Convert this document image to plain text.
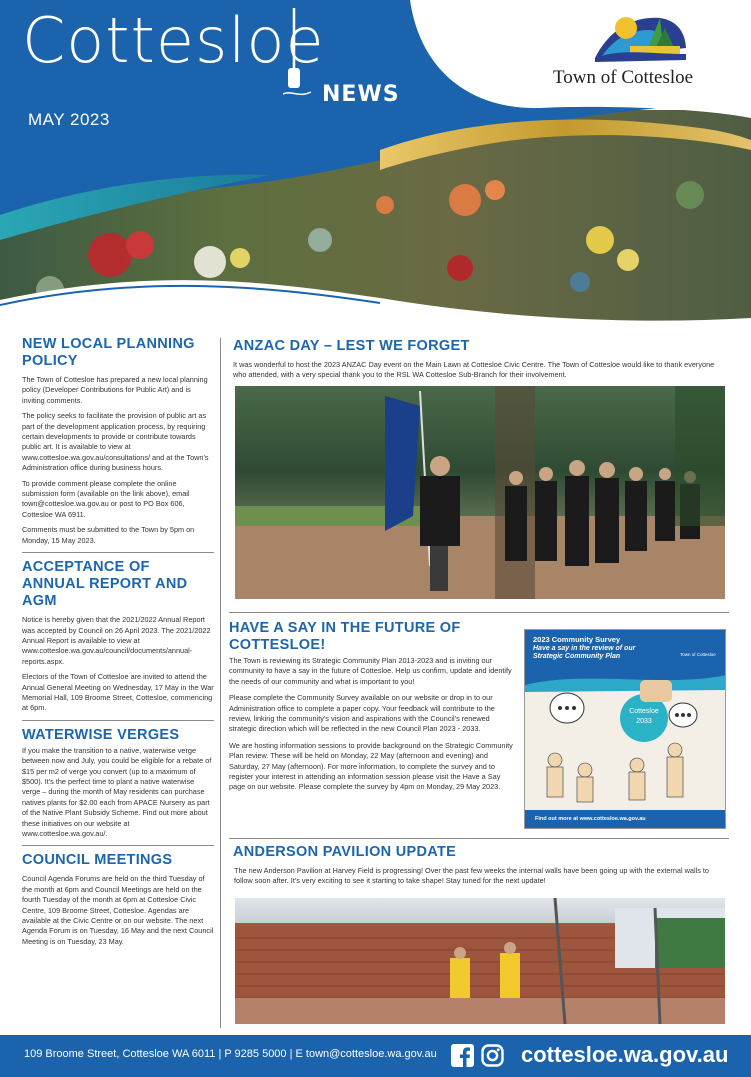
Cottesloe
NEWS
MAY 2023
Town of Cottesloe
NEW LOCAL PLANNING POLICY

The Town of Cottesloe has prepared a new local planning policy (Developer Contributions for Public Art) and is inviting comments.

The policy seeks to facilitate the provision of public art as part of the development application process, by requiring certain developments to provide or contribute towards public art. It is available to view at www.cottesloe.wa.gov.au/consultations/ and at the Town's Administration office during business hours.

To provide comment please complete the online submission form (available on the link above), email town@cottesloe.wa.gov.au or post to PO Box 606, Cottesloe WA 6911.

Comments must be submitted to the Town by 5pm on Monday, 15 May 2023.

ACCEPTANCE OF ANNUAL REPORT AND AGM

Notice is hereby given that the 2021/2022 Annual Report was accepted by Council on 26 April 2023. The 2021/2022 Annual Report is available to view at www.cottesloe.wa.gov.au/council/documents/annual-reports.aspx.

Electors of the Town of Cottesloe are invited to attend the Annual General Meeting on Wednesday, 17 May in the War Memorial Hall, 109 Broome Street, Cottesloe, commencing at 6pm.

WATERWISE VERGES

If you make the transition to a native, waterwise verge between now and July, you could be eligible for a rebate of $15 per m2 of verge you convert (up to a maximum of $500). It's the perfect time to plant a native waterwise verge – during the month of May residents can purchase natives plants for $2.00 each from APACE Nursery as part of the Native Plant Subsidy Scheme. Find out more about these initiatives on our website at www.cottesloe.wa.gov.au/.

COUNCIL MEETINGS

Council Agenda Forums are held on the third Tuesday of the month at 6pm and Council Meetings are held on the fourth Tuesday of the month at 6pm at Cottesloe Civic Centre, 109 Broome Street, Cottesloe. Agendas are available at the Civic Centre or on our website. The next Agenda Forum is on Tuesday, 16 May and the next Council Meeting is on Tuesday, 23 May.

ANZAC DAY – LEST WE FORGET

It was wonderful to host the 2023 ANZAC Day event on the Main Lawn at Cottesloe Civic Centre. The Town of Cottesloe would like to thank everyone who attended, with a very special thank you to the RSL WA Cottesloe Sub-Branch for their involvement.

HAVE A SAY IN THE FUTURE OF COTTESLOE!

The Town is reviewing its Strategic Community Plan 2013-2023 and is inviting our community to have a say in the future of Cottesloe. Help us confirm, update and identify the needs of our community and what is important to you!

Please complete the Community Survey available on our website or drop in to our Administration office to complete a paper copy. Your feedback will contribute to the review, linking the community's vision and aspirations with the Council's renewed strategic direction which will be reflected in the new Council Plan 2023 - 2033.

We are hosting information sessions to provide background on the Strategic Community Plan review. These will be held on Monday, 22 May (afternoon and evening) and Saturday, 27 May (afternoon). For more information, to complete the survey and to register your interest in attending an information session please visit the Have a Say page on our website. Please complete the survey by 4pm on Monday, 29 May 2023.

2023 Community Survey
Have a say in the review of our Strategic Community Plan	Town of Cottesloe
Cottesloe
2033
Find out more at www.cottesloe.wa.gov.au
ANDERSON PAVILION UPDATE

The new Anderson Pavilion at Harvey Field is progressing! Over the past few weeks the internal walls have been going up with the external walls to follow soon after. It's very exciting to see it starting to take shape! Stay tuned for the next update!

109 Broome Street, Cottesloe WA 6011 | P 9285 5000 | E town@cottesloe.wa.gov.au	cottesloe.wa.gov.au
